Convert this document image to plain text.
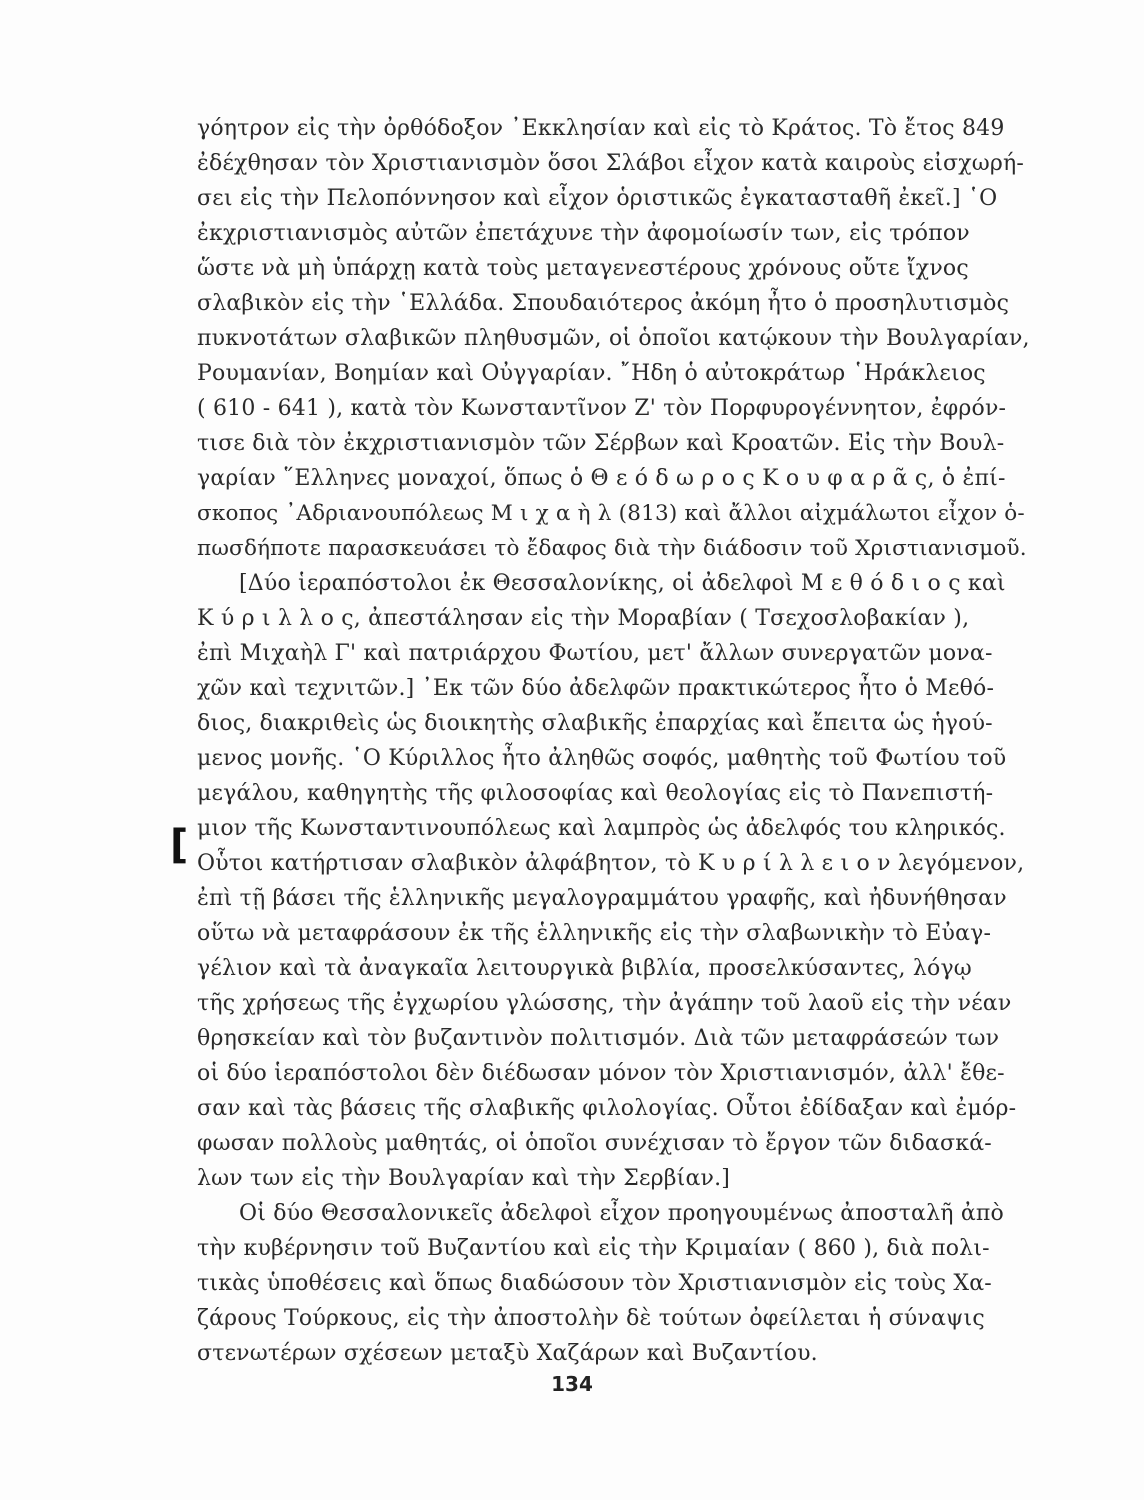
[
γόητρον εἰς τὴν ὀρθόδοξον ᾿Εκκλησίαν καὶ εἰς τὸ Κράτος. Τὸ ἔτος 849
ἐδέχθησαν τὸν Χριστιανισμὸν ὅσοι Σλάβοι εἶχον κατὰ καιροὺς εἰσχωρή-
σει εἰς τὴν Πελοπόννησον καὶ εἶχον ὁριστικῶς ἐγκατασταθῆ ἐκεῖ.] ῾Ο
ἐκχριστιανισμὸς αὐτῶν ἐπετάχυνε τὴν ἀφομοίωσίν των, εἰς τρόπον
ὥστε νὰ μὴ ὑπάρχῃ κατὰ τοὺς μεταγενεστέρους χρόνους οὔτε ἴχνος
σλαβικὸν εἰς τὴν ῾Ελλάδα. Σπουδαιότερος ἀκόμη ἦτο ὁ προσηλυτισμὸς
πυκνοτάτων σλαβικῶν πληθυσμῶν, οἱ ὁποῖοι κατῴκουν τὴν Βουλγαρίαν,
Ρουμανίαν, Βοημίαν καὶ Οὐγγαρίαν. ῎Ηδη ὁ αὐτοκράτωρ ῾Ηράκλειος
( 610 - 641 ), κατὰ τὸν Κωνσταντῖνον Ζ' τὸν Πορφυρογέννητον, ἐφρόν-
τισε διὰ τὸν ἐκχριστιανισμὸν τῶν Σέρβων καὶ Κροατῶν. Εἰς τὴν Βουλ-
γαρίαν ῞Ελληνες μοναχοί, ὅπως ὁ Θ ε ό δ ω ρ ο ς Κ ο υ φ α ρ ᾶ ς, ὁ ἐπί-
σκοπος ᾿Αδριανουπόλεως Μ ι χ α ὴ λ (813) καὶ ἄλλοι αἰχμάλωτοι εἶχον ὁ-
πωσδήποτε παρασκευάσει τὸ ἔδαφος διὰ τὴν διάδοσιν τοῦ Χριστιανισμοῦ.
[Δύο ἱεραπόστολοι ἐκ Θεσσαλονίκης, οἱ ἀδελφοὶ Μ ε θ ό δ ι ο ς καὶ
Κ ύ ρ ι λ λ ο ς, ἀπεστάλησαν εἰς τὴν Μοραβίαν ( Τσεχοσλοβακίαν ),
ἐπὶ Μιχαὴλ Γ' καὶ πατριάρχου Φωτίου, μετ' ἄλλων συνεργατῶν μονα-
χῶν καὶ τεχνιτῶν.] ᾿Εκ τῶν δύο ἀδελφῶν πρακτικώτερος ἦτο ὁ Μεθό-
διος, διακριθεὶς ὡς διοικητὴς σλαβικῆς ἐπαρχίας καὶ ἔπειτα ὡς ἡγού-
μενος μονῆς. ῾Ο Κύριλλος ἦτο ἀληθῶς σοφός, μαθητὴς τοῦ Φωτίου τοῦ
μεγάλου, καθηγητὴς τῆς φιλοσοφίας καὶ θεολογίας εἰς τὸ Πανεπιστή-
μιον τῆς Κωνσταντινουπόλεως καὶ λαμπρὸς ὡς ἀδελφός του κληρικός.
Οὗτοι κατήρτισαν σλαβικὸν ἀλφάβητον, τὸ Κ υ ρ ί λ λ ε ι ο ν λεγόμενον,
ἐπὶ τῇ βάσει τῆς ἑλληνικῆς μεγαλογραμμάτου γραφῆς, καὶ ἠδυνήθησαν
οὕτω νὰ μεταφράσουν ἐκ τῆς ἑλληνικῆς εἰς τὴν σλαβωνικὴν τὸ Εὐαγ-
γέλιον καὶ τὰ ἀναγκαῖα λειτουργικὰ βιβλία, προσελκύσαντες, λόγῳ
τῆς χρήσεως τῆς ἐγχωρίου γλώσσης, τὴν ἀγάπην τοῦ λαοῦ εἰς τὴν νέαν
θρησκείαν καὶ τὸν βυζαντινὸν πολιτισμόν. Διὰ τῶν μεταφράσεών των
οἱ δύο ἱεραπόστολοι δὲν διέδωσαν μόνον τὸν Χριστιανισμόν, ἀλλ' ἔθε-
σαν καὶ τὰς βάσεις τῆς σλαβικῆς φιλολογίας. Οὗτοι ἐδίδαξαν καὶ ἐμόρ-
φωσαν πολλοὺς μαθητάς, οἱ ὁποῖοι συνέχισαν τὸ ἔργον τῶν διδασκά-
λων των εἰς τὴν Βουλγαρίαν καὶ τὴν Σερβίαν.]
Οἱ δύο Θεσσαλονικεῖς ἀδελφοὶ εἶχον προηγουμένως ἀποσταλῆ ἀπὸ
τὴν κυβέρνησιν τοῦ Βυζαντίου καὶ εἰς τὴν Κριμαίαν ( 860 ), διὰ πολι-
τικὰς ὑποθέσεις καὶ ὅπως διαδώσουν τὸν Χριστιανισμὸν εἰς τοὺς Χα-
ζάρους Τούρκους, εἰς τὴν ἀποστολὴν δὲ τούτων ὀφείλεται ἡ σύναψις
στενωτέρων σχέσεων μεταξὺ Χαζάρων καὶ Βυζαντίου.
134
